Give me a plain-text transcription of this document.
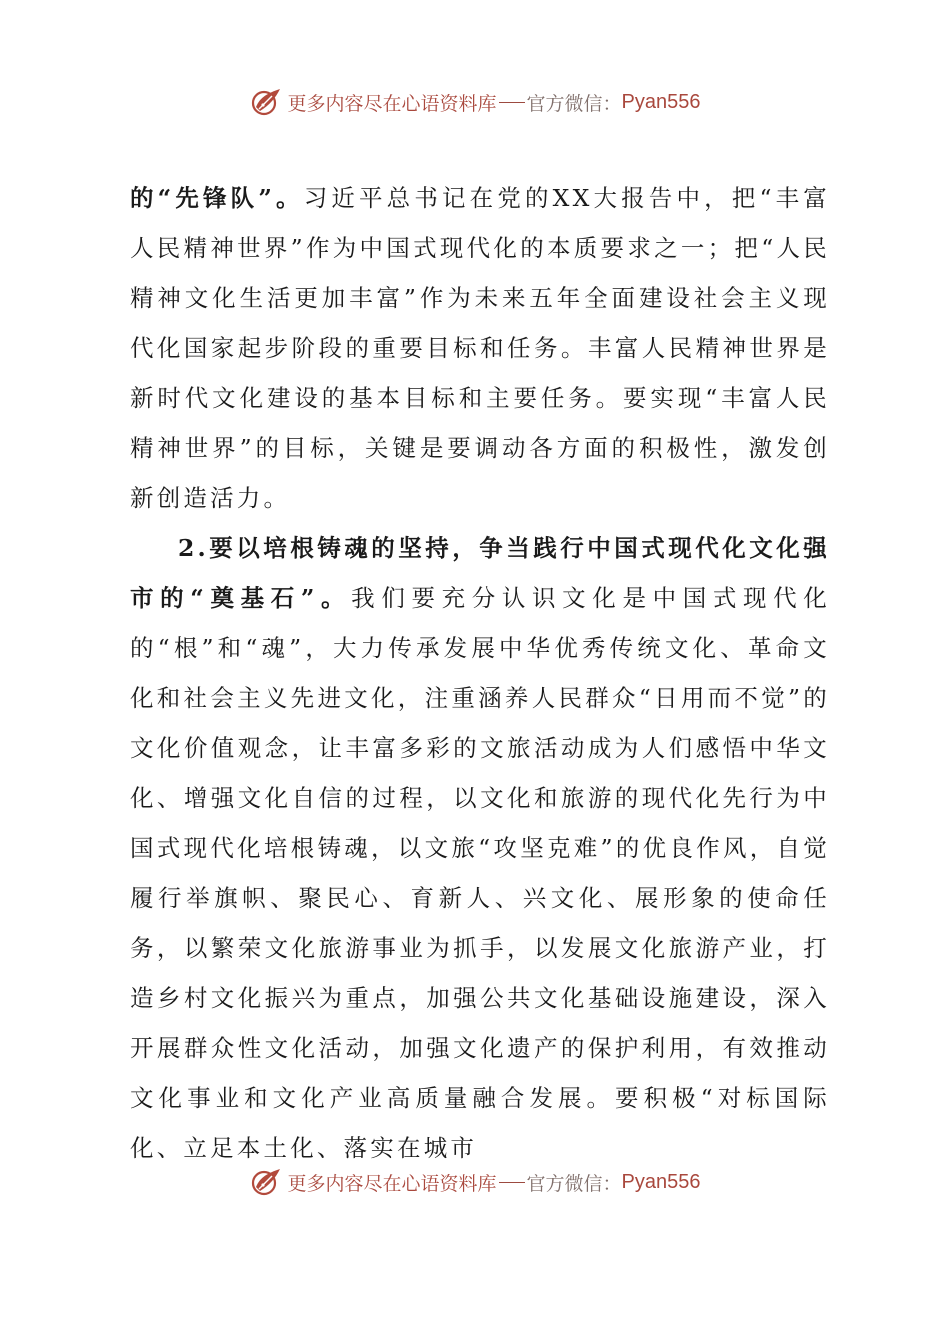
更多内容尽在心语资料库 官方微信： Pyan556

的“先锋队”。习近平总书记在党的XX大报告中，把“丰富人民精神世界”作为中国式现代化的本质要求之一；把“人民精神文化生活更加丰富”作为未来五年全面建设社会主义现代化国家起步阶段的重要目标和任务。丰富人民精神世界是新时代文化建设的基本目标和主要任务。要实现“丰富人民精神世界”的目标，关键是要调动各方面的积极性，激发创新创造活力。

2.要以培根铸魂的坚持，争当践行中国式现代化文化强市的“奠基石”。我们要充分认识文化是中国式现代化的“根”和“魂”，大力传承发展中华优秀传统文化、革命文化和社会主义先进文化，注重涵养人民群众“日用而不觉”的文化价值观念，让丰富多彩的文旅活动成为人们感悟中华文化、增强文化自信的过程，以文化和旅游的现代化先行为中国式现代化培根铸魂，以文旅“攻坚克难”的优良作风，自觉履行举旗帜、聚民心、育新人、兴文化、展形象的使命任务，以繁荣文化旅游事业为抓手，以发展文化旅游产业，打造乡村文化振兴为重点，加强公共文化基础设施建设，深入开展群众性文化活动，加强文化遗产的保护利用，有效推动文化事业和文化产业高质量融合发展。要积极“对标国际化、立足本土化、落实在城市

更多内容尽在心语资料库 官方微信： Pyan556
